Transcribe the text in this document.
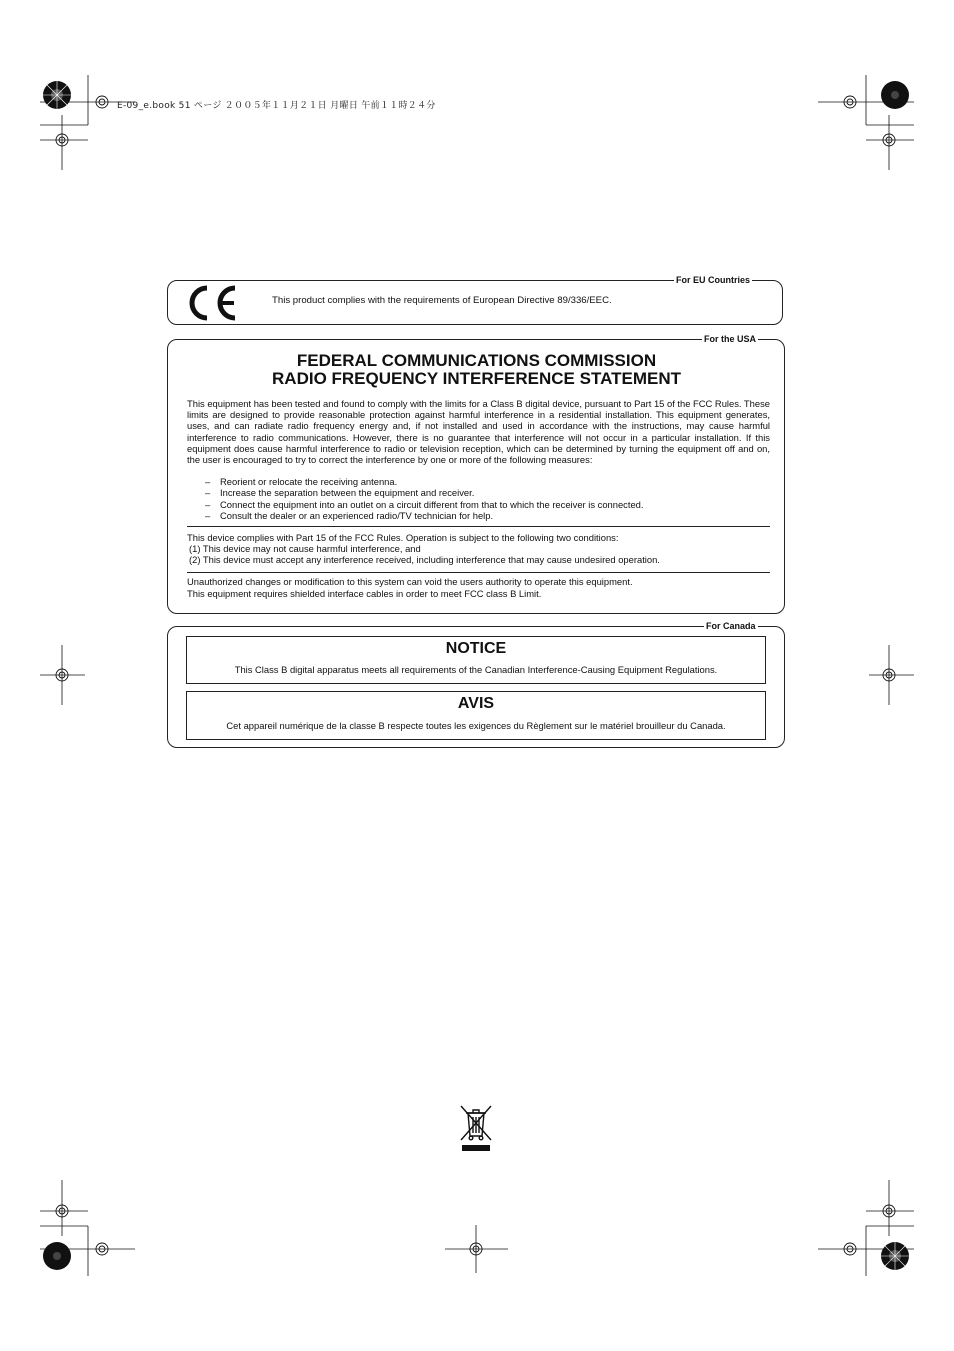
E-09_e.book 51 ページ ２００５年１１月２１日 月曜日 午前１１時２４分
For EU Countries
This product complies with the requirements of European Directive 89/336/EEC.
For the USA
FEDERAL COMMUNICATIONS COMMISSION
RADIO FREQUENCY INTERFERENCE STATEMENT
This equipment has been tested and found to comply with the limits for a Class B digital device, pursuant to Part 15 of the FCC Rules. These limits are designed to provide reasonable protection against harmful interference in a residential installation. This equipment generates, uses, and can radiate radio frequency energy and, if not installed and used in accordance with the instructions, may cause harmful interference to radio communications. However, there is no guarantee that interference will not occur in a particular installation. If this equipment does cause harmful interference to radio or television reception, which can be determined by turning the equipment off and on, the user is encouraged to try to correct the interference by one or more of the following measures:
– Reorient or relocate the receiving antenna.
– Increase the separation between the equipment and receiver.
– Connect the equipment into an outlet on a circuit different from that to which the receiver is connected.
– Consult the dealer or an experienced radio/TV technician for help.
This device complies with Part 15 of the FCC Rules. Operation is subject to the following two conditions:
(1) This device may not cause harmful interference, and
(2) This device must accept any interference received, including interference that may cause undesired operation.
Unauthorized changes or modification to this system can void the users authority to operate this equipment.
This equipment requires shielded interface cables in order to meet FCC class B Limit.
For Canada
NOTICE
This Class B digital apparatus meets all requirements of the Canadian Interference-Causing Equipment Regulations.
AVIS
Cet appareil numérique de la classe B respecte toutes les exigences du Règlement sur le matériel brouilleur du Canada.
